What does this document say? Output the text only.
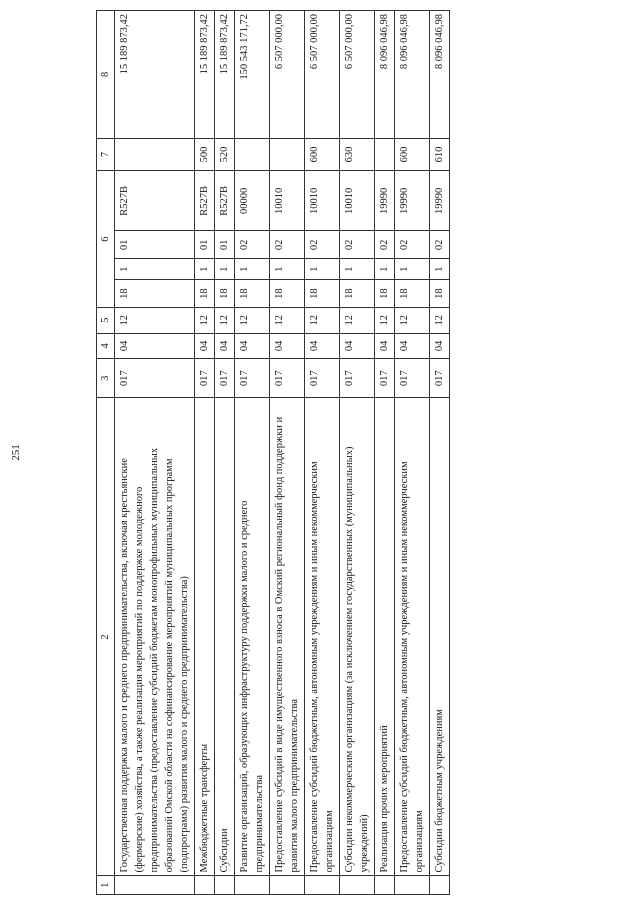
251
1	2	3	4	5	6				7	8
	Государственная поддержка малого и среднего предпринимательства, включая крестьянские (фермерские) хозяйства, а также реализация мероприятий по поддержке молодежного предпринимательства (предоставление субсидий бюджетам монопрофильных муниципальных образований Омской области на софинансирование мероприятий муниципальных программ (подпрограмм) развития малого и среднего предпринимательства)	017	04	12	18	1	01	R527В		15 189 873,42
	Межбюджетные трансферты	017	04	12	18	1	01	R527В	500	15 189 873,42
	Субсидии	017	04	12	18	1	01	R527В	520	15 189 873,42
	Развитие организаций, образующих инфраструктуру поддержки малого и среднего предпринимательства	017	04	12	18	1	02	00000		150 543 171,72
	Предоставление субсидий в виде имущественного взноса в Омский региональный фонд поддержки и развития малого предпринимательства	017	04	12	18	1	02	10010		6 507 000,00
	Предоставление субсидий бюджетным, автономным учреждениям и иным некоммерческим организациям	017	04	12	18	1	02	10010	600	6 507 000,00
	Субсидии некоммерческим организациям (за исключением государственных (муниципальных) учреждений)	017	04	12	18	1	02	10010	630	6 507 000,00
	Реализация прочих мероприятий	017	04	12	18	1	02	19990		8 096 046,98
	Предоставление субсидий бюджетным, автономным учреждениям и иным некоммерческим организациям	017	04	12	18	1	02	19990	600	8 096 046,98
	Субсидии бюджетным учреждениям	017	04	12	18	1	02	19990	610	8 096 046,98
